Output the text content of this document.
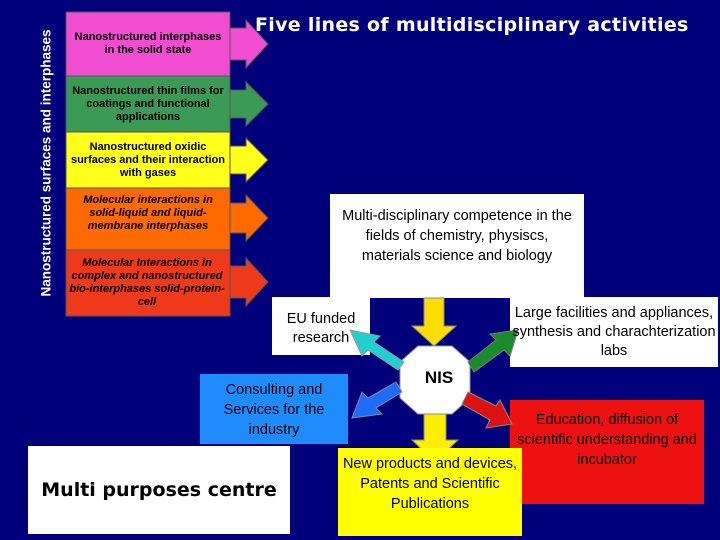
Nanostructured surfaces and interphases
Five lines of multidisciplinary activities
Nanostructured interphases in the solid state
Nanostructured thin films for coatings and functional applications
Nanostructured oxidic surfaces and their interaction with gases
Molecular interactions in solid-liquid and liquid-membrane interphases
Molecular Interactions in complex and nanostructured bio-interphases solid-protein-cell
Multi-disciplinary competence in the fields of chemistry, physiscs, materials science and biology
EU funded research
Large facilities and appliances, synthesis and charachterization labs
Consulting and Services for the industry
Multi purposes centre
Education, diffusion of scientific understanding and incubator
New products and devices, Patents and Scientific Publications
NIS
